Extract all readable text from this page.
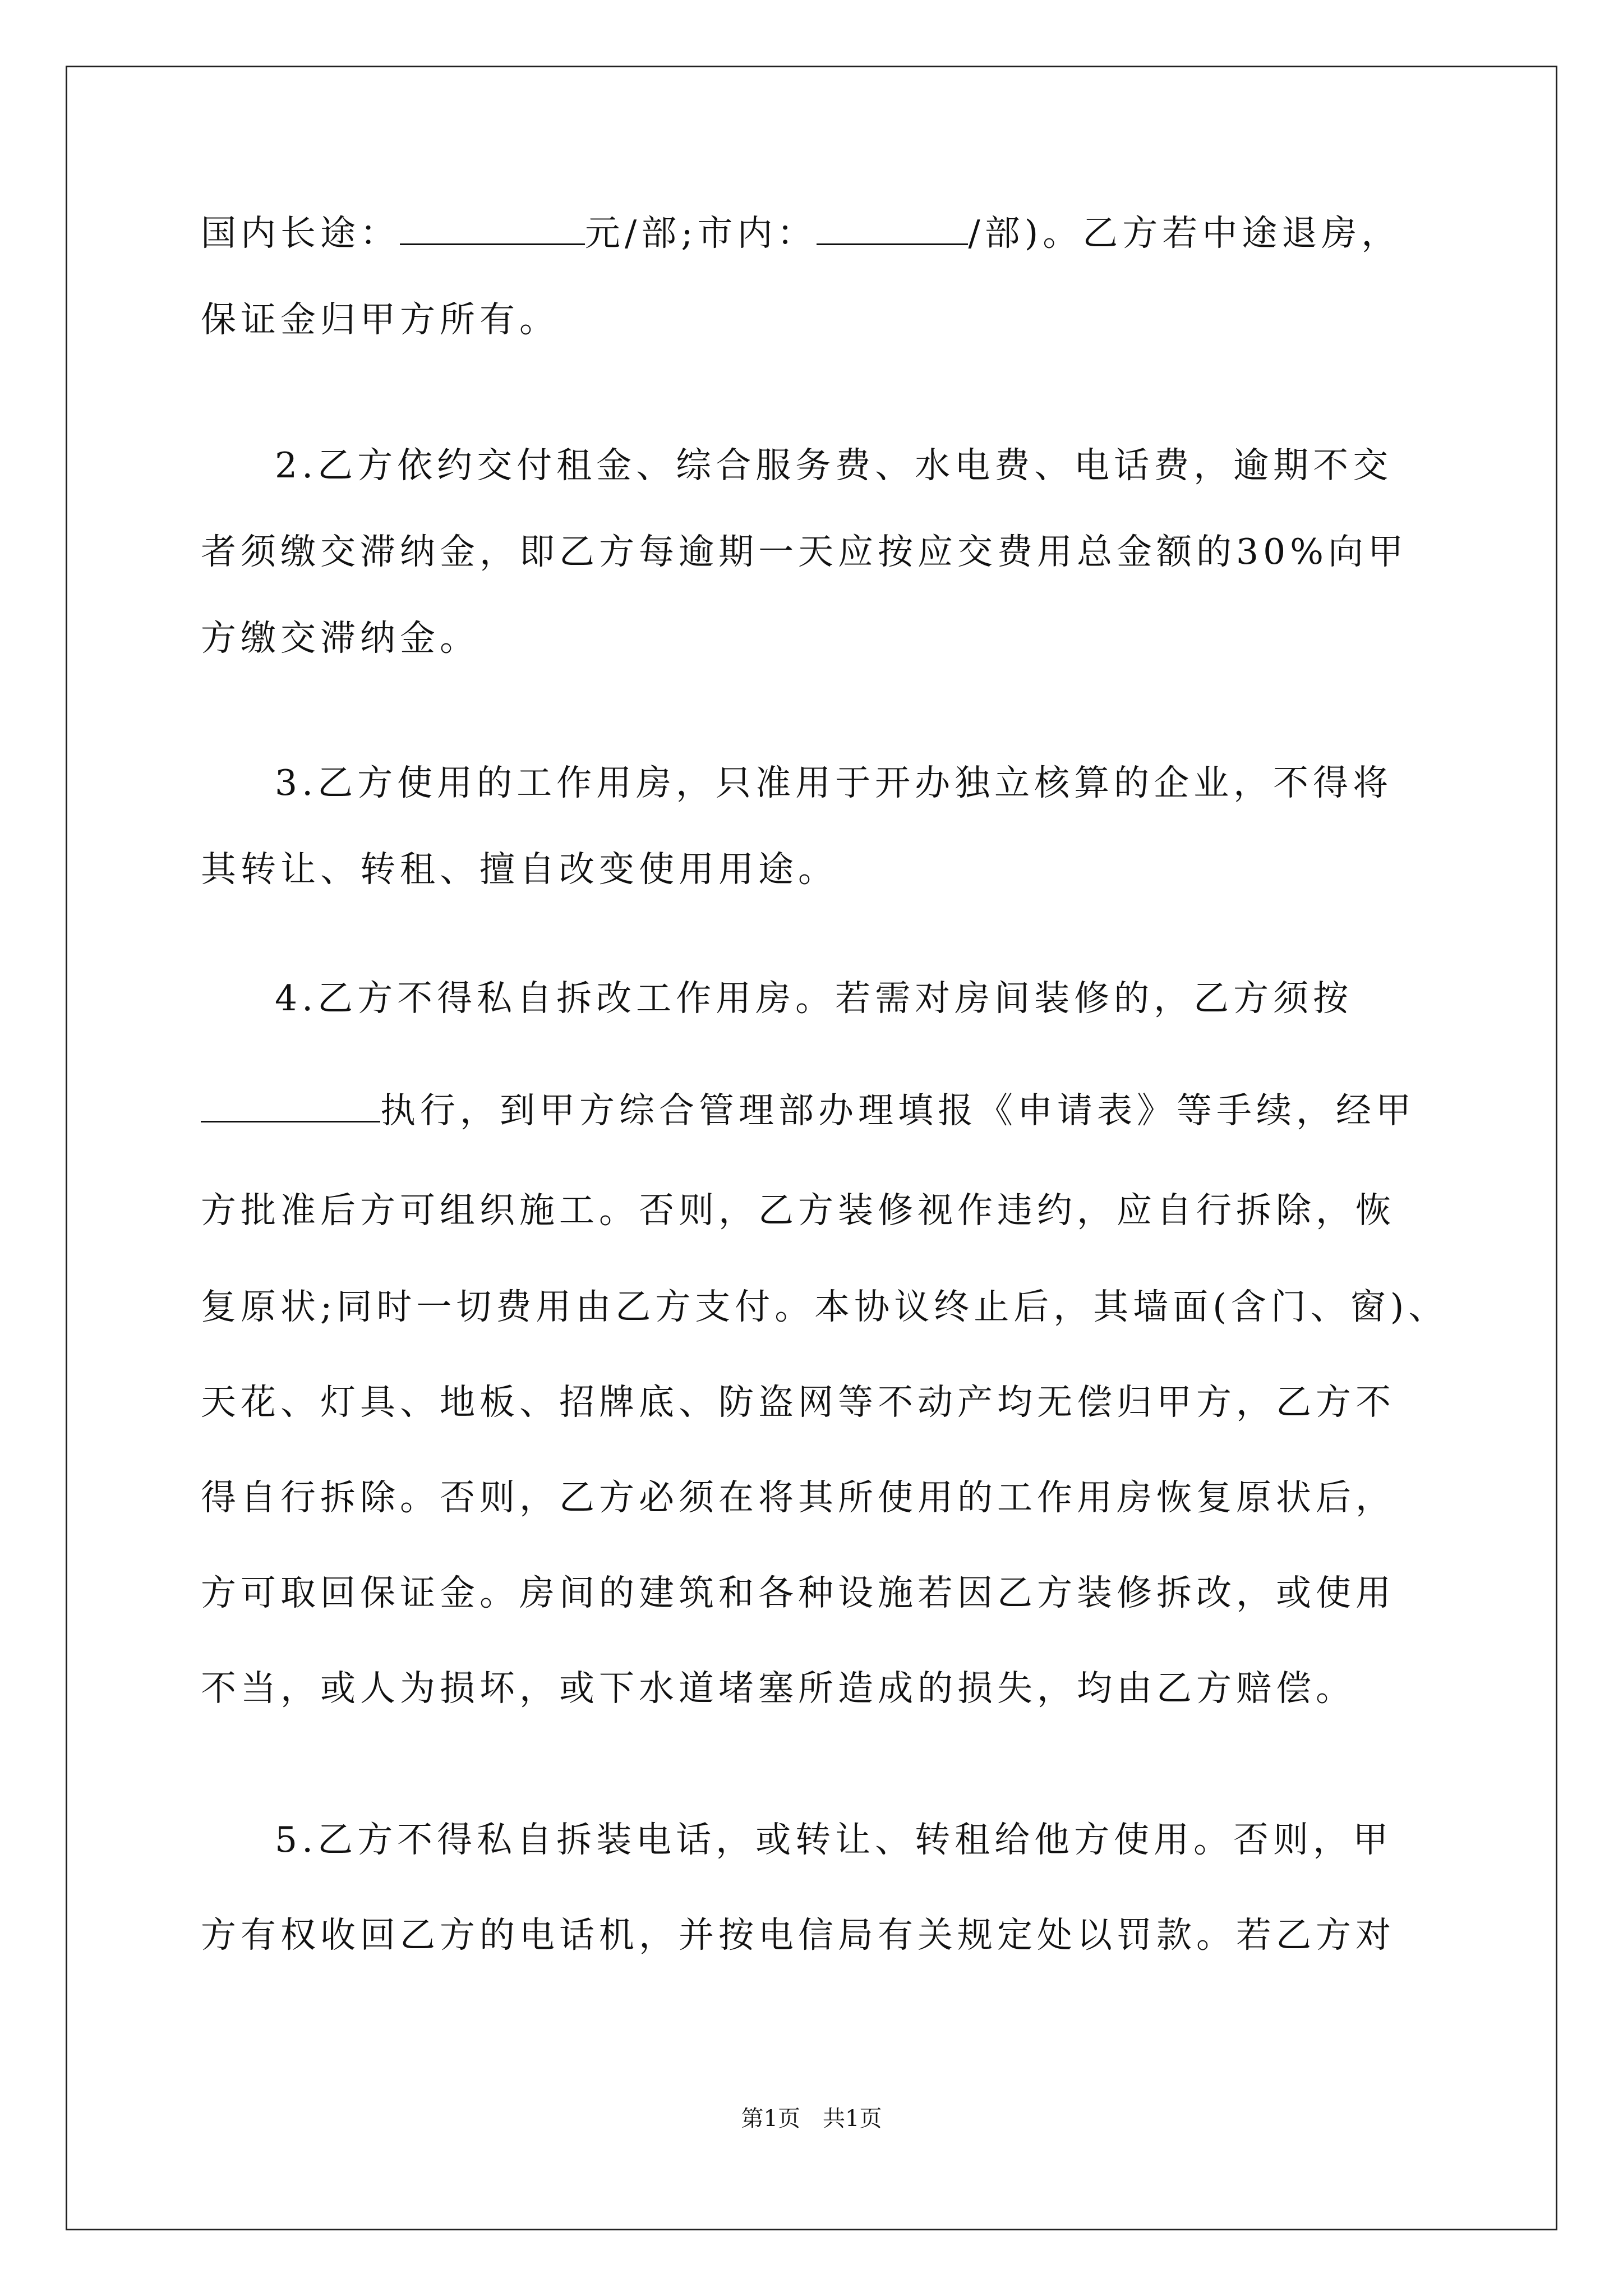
国内长途：	元/部;市内：	/部)。乙方若中途退房，
保证金归甲方所有。
2.乙方依约交付租金、综合服务费、水电费、电话费，逾期不交
者须缴交滞纳金，即乙方每逾期一天应按应交费用总金额的30%向甲
方缴交滞纳金。
3.乙方使用的工作用房，只准用于开办独立核算的企业，不得将
其转让、转租、擅自改变使用用途。
4.乙方不得私自拆改工作用房。若需对房间装修的，乙方须按
执行，到甲方综合管理部办理填报《申请表》等手续，经甲
方批准后方可组织施工。否则，乙方装修视作违约，应自行拆除，恢
复原状;同时一切费用由乙方支付。本协议终止后，其墙面(含门、窗)、
天花、灯具、地板、招牌底、防盗网等不动产均无偿归甲方，乙方不
得自行拆除。否则，乙方必须在将其所使用的工作用房恢复原状后，
方可取回保证金。房间的建筑和各种设施若因乙方装修拆改，或使用
不当，或人为损坏，或下水道堵塞所造成的损失，均由乙方赔偿。
5.乙方不得私自拆装电话，或转让、转租给他方使用。否则，甲
方有权收回乙方的电话机，并按电信局有关规定处以罚款。若乙方对
第1页　共1页
